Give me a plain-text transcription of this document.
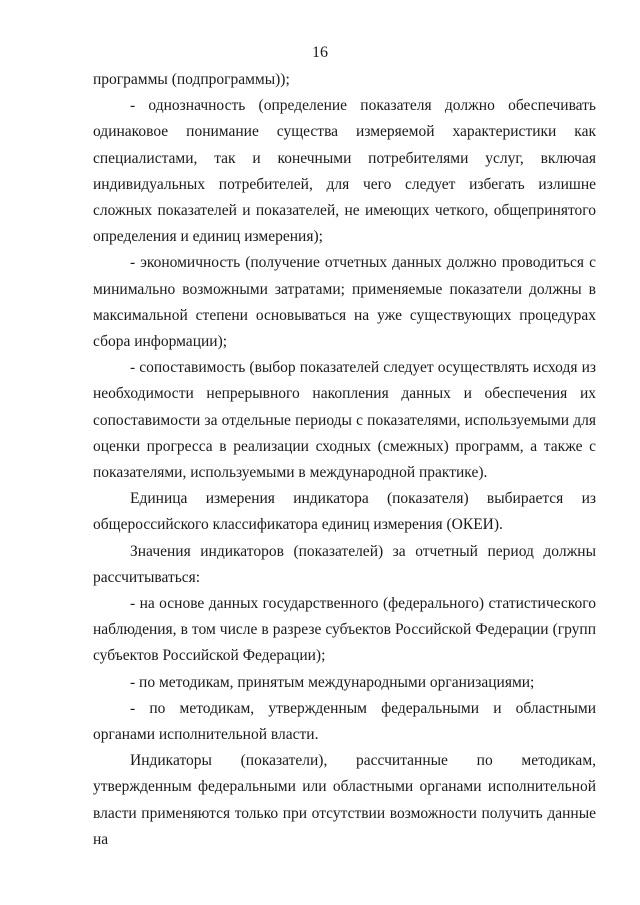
16

программы (подпрограммы));

- однозначность (определение показателя должно обеспечивать одинаковое понимание существа измеряемой характеристики как специалистами, так и конечными потребителями услуг, включая индивидуальных потребителей, для чего следует избегать излишне сложных показателей и показателей, не имеющих четкого, общепринятого определения и единиц измерения);

- экономичность (получение отчетных данных должно проводиться с минимально возможными затратами; применяемые показатели должны в максимальной степени основываться на уже существующих процедурах сбора информации);

- сопоставимость (выбор показателей следует осуществлять исходя из необходимости непрерывного накопления данных и обеспечения их сопоставимости за отдельные периоды с показателями, используемыми для оценки прогресса в реализации сходных (смежных) программ, а также с показателями, используемыми в международной практике).

Единица измерения индикатора (показателя) выбирается из общероссийского классификатора единиц измерения (ОКЕИ).

Значения индикаторов (показателей) за отчетный период должны рассчитываться:

- на основе данных государственного (федерального) статистического наблюдения, в том числе в разрезе субъектов Российской Федерации (групп субъектов Российской Федерации);

- по методикам, принятым международными организациями;

- по методикам, утвержденным федеральными и областными органами исполнительной власти.

Индикаторы (показатели), рассчитанные по методикам, утвержденным федеральными или областными органами исполнительной власти применяются только при отсутствии возможности получить данные на
